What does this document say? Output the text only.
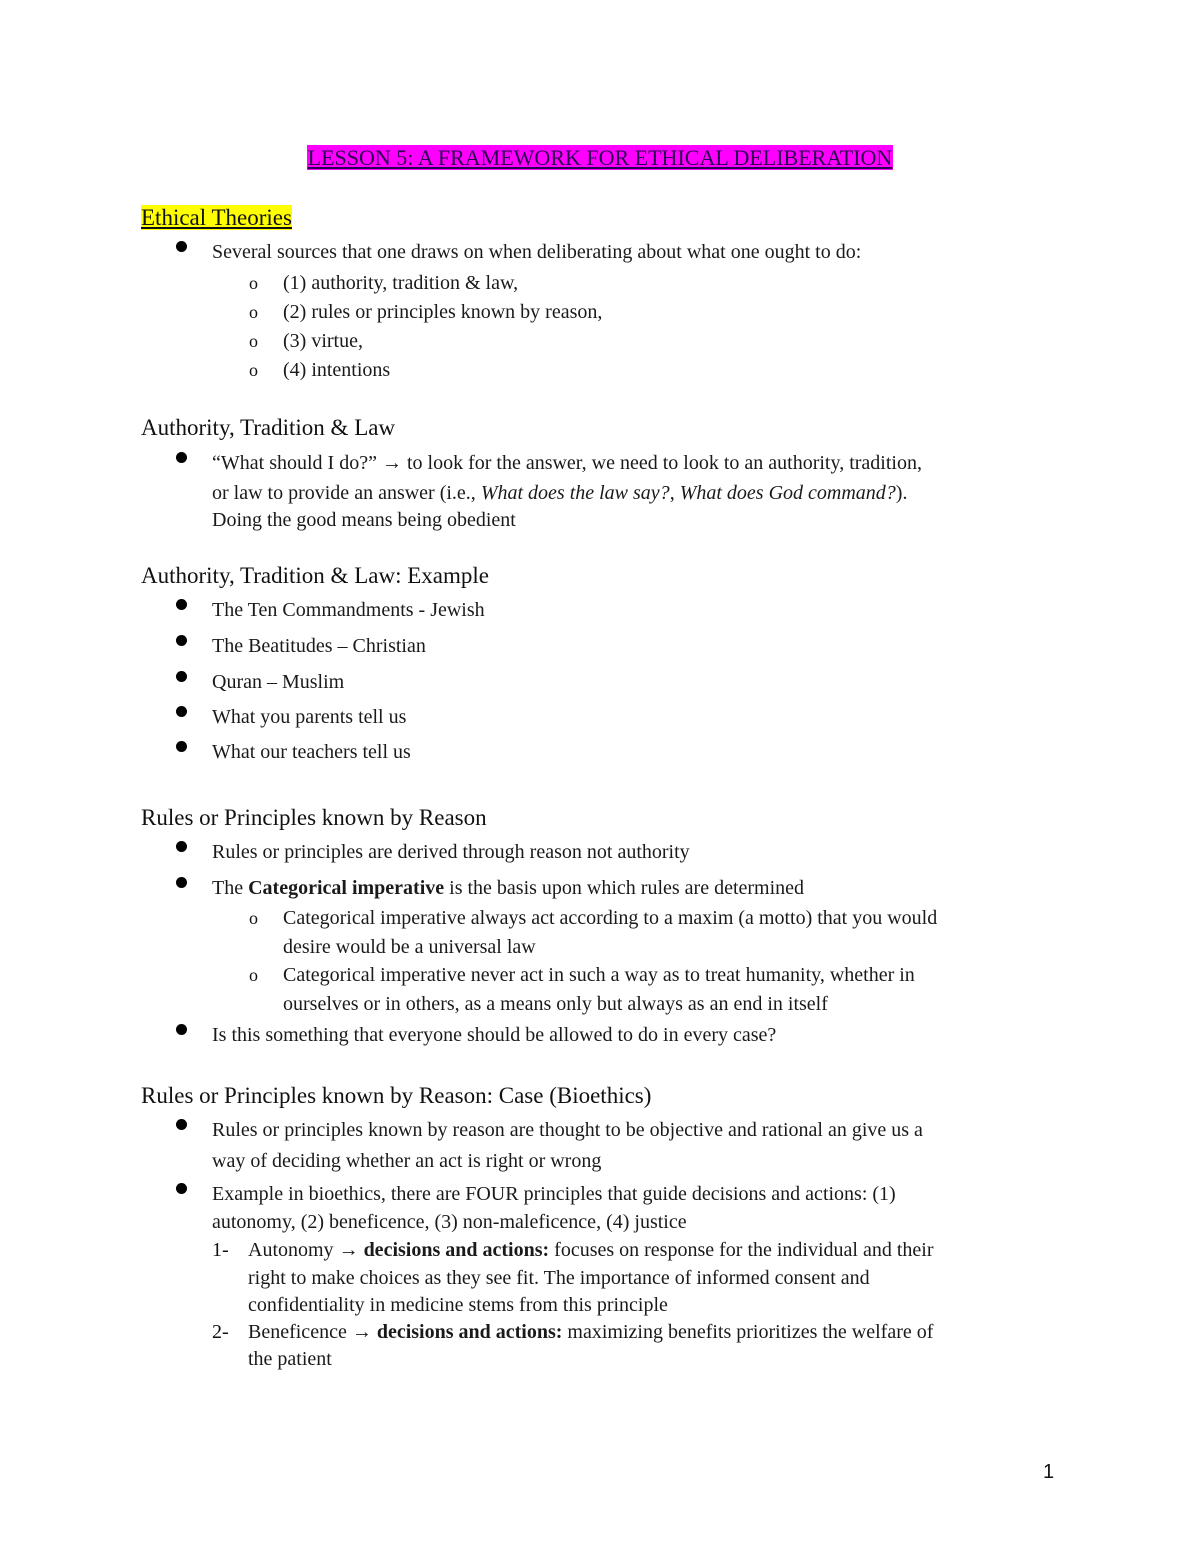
LESSON 5: A FRAMEWORK FOR ETHICAL DELIBERATION
Ethical Theories
Several sources that one draws on when deliberating about what one ought to do:
o (1) authority, tradition & law,
o (2) rules or principles known by reason,
o (3) virtue,
o (4) intentions
Authority, Tradition & Law
“What should I do?” → to look for the answer, we need to look to an authority, tradition,
or law to provide an answer (i.e., What does the law say?, What does God command?).
Doing the good means being obedient
Authority, Tradition & Law: Example
The Ten Commandments - Jewish
The Beatitudes – Christian
Quran – Muslim
What you parents tell us
What our teachers tell us
Rules or Principles known by Reason
Rules or principles are derived through reason not authority
The Categorical imperative is the basis upon which rules are determined
o Categorical imperative always act according to a maxim (a motto) that you would
desire would be a universal law
o Categorical imperative never act in such a way as to treat humanity, whether in
ourselves or in others, as a means only but always as an end in itself
Is this something that everyone should be allowed to do in every case?
Rules or Principles known by Reason: Case (Bioethics)
Rules or principles known by reason are thought to be objective and rational an give us a
way of deciding whether an act is right or wrong
Example in bioethics, there are FOUR principles that guide decisions and actions: (1)
autonomy, (2) beneficence, (3) non-maleficence, (4) justice
1- Autonomy → decisions and actions: focuses on response for the individual and their
right to make choices as they see fit. The importance of informed consent and
confidentiality in medicine stems from this principle
2- Beneficence → decisions and actions: maximizing benefits prioritizes the welfare of
the patient
1
